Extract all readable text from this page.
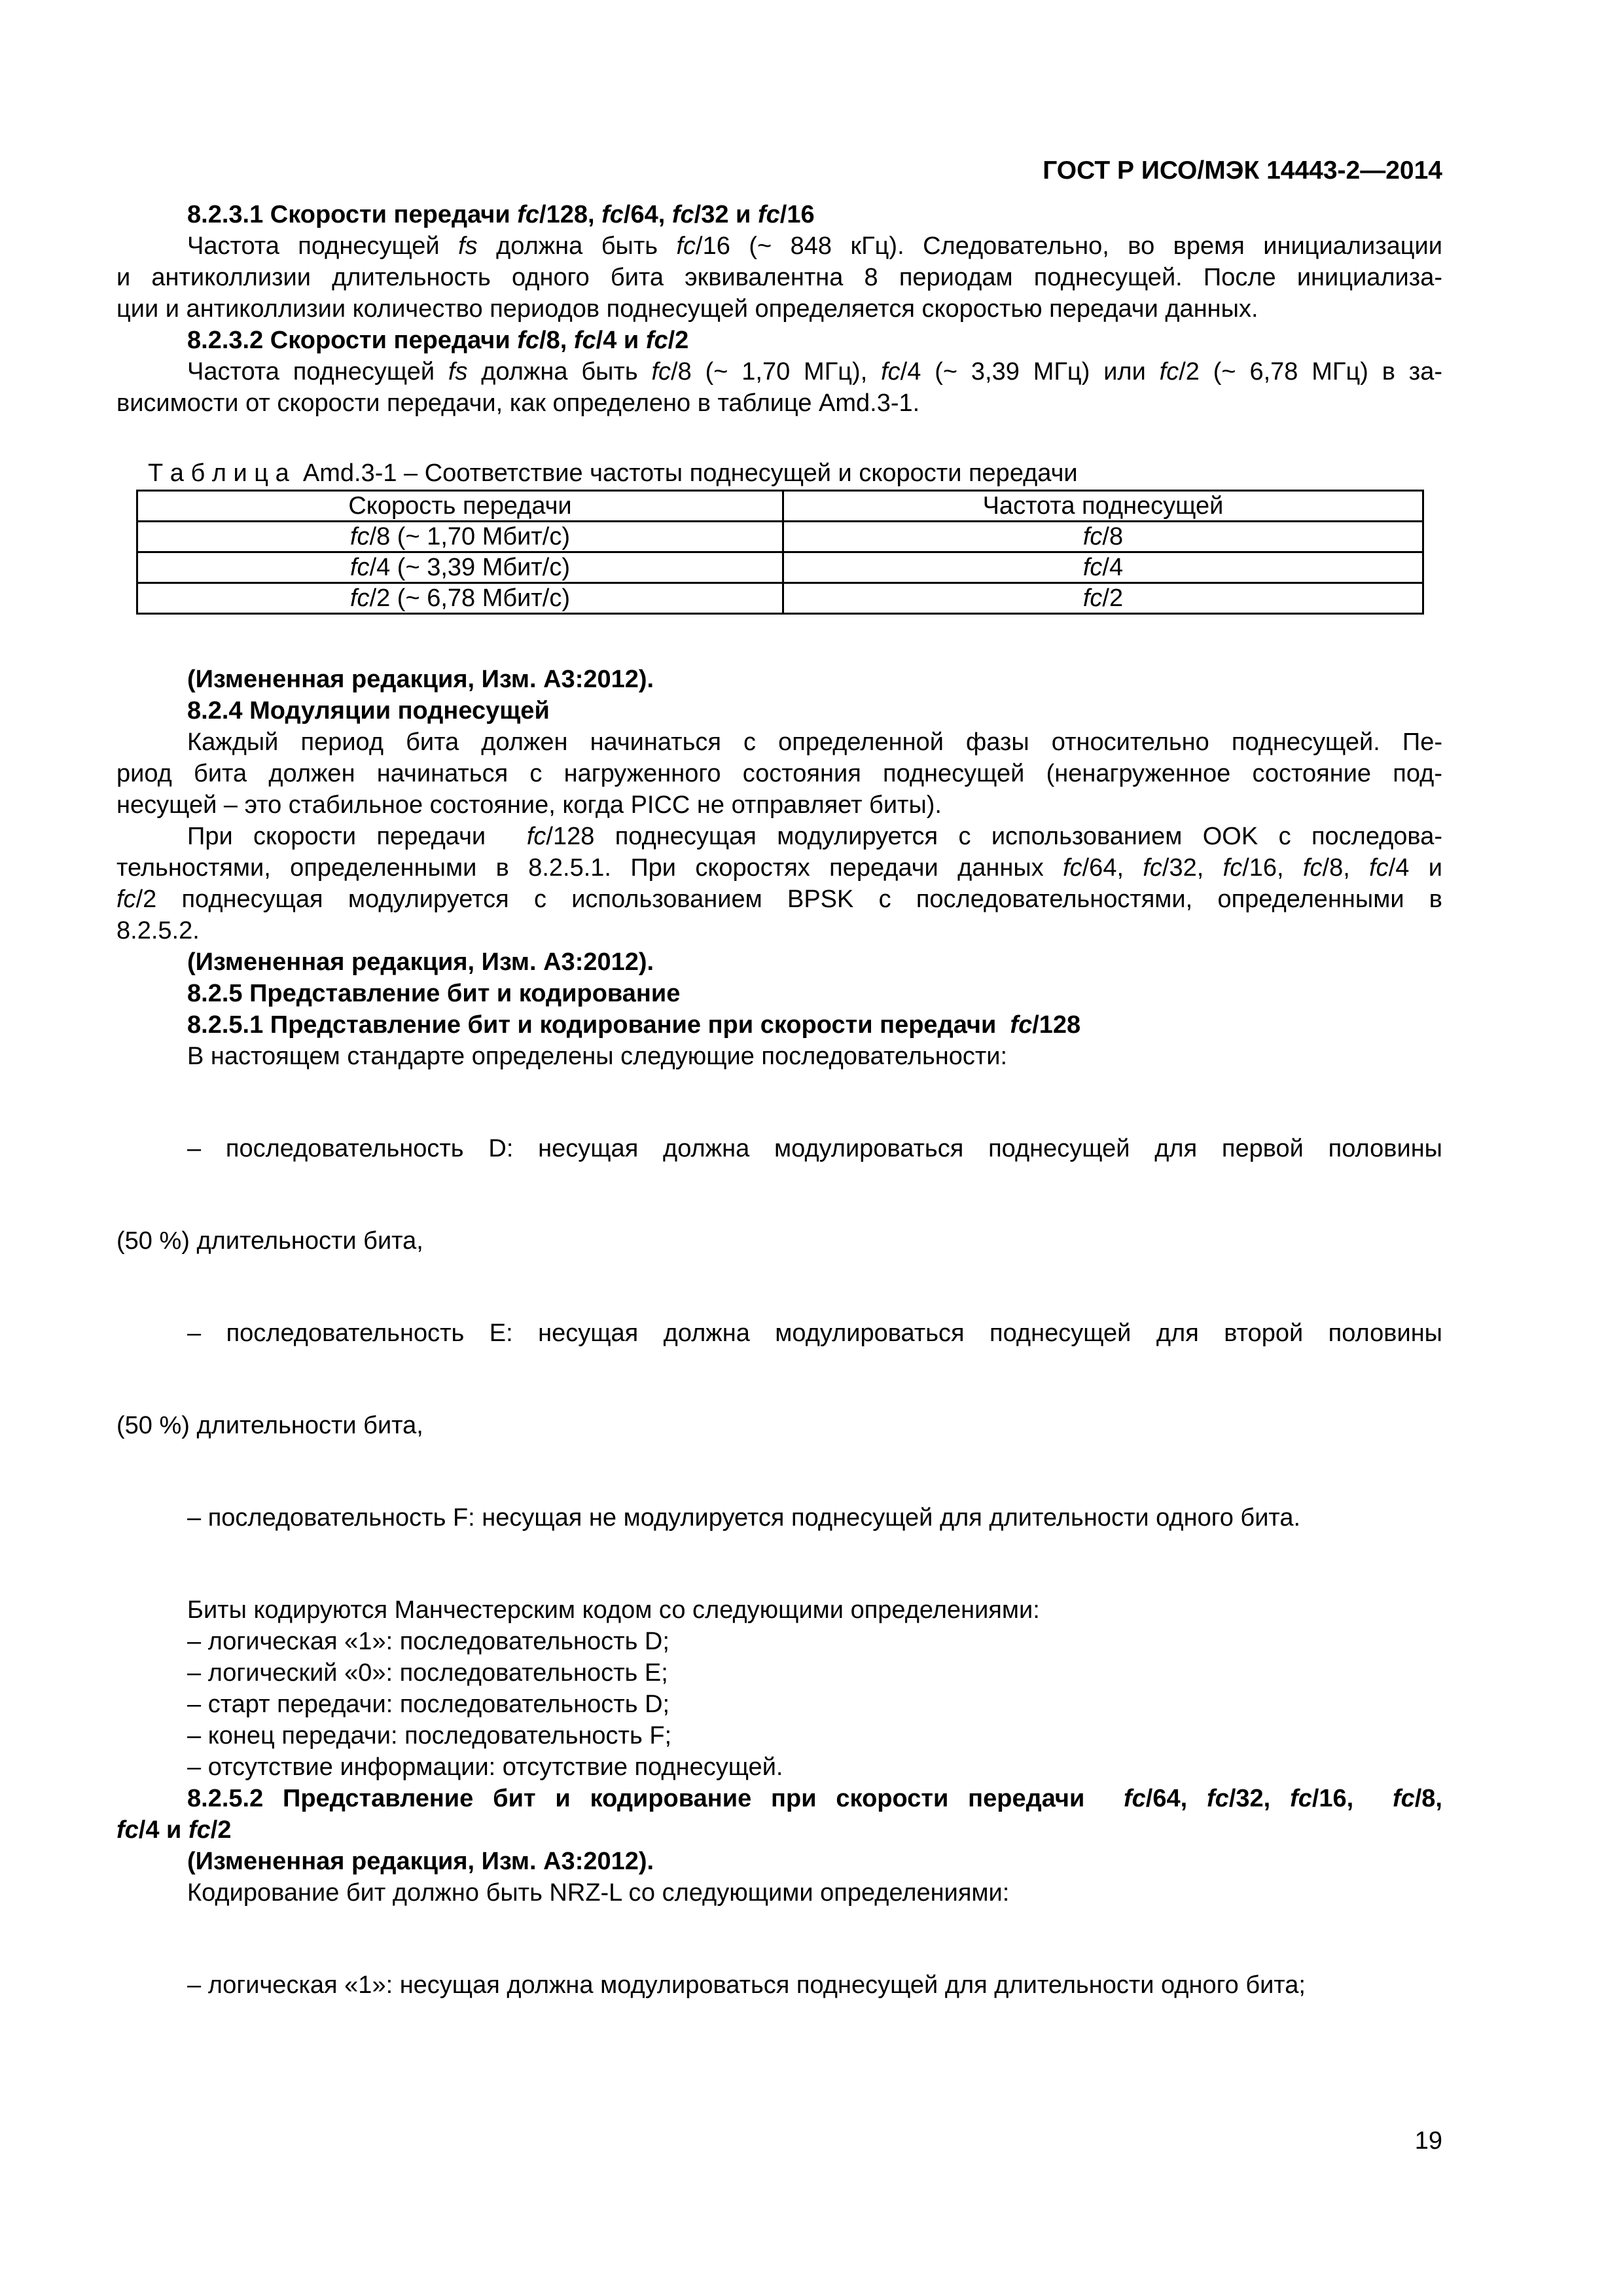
ГОСТ Р ИСО/МЭК 14443-2—2014
8.2.3.1 Скорости передачи fc/128, fc/64, fc/32 и fc/16
Частота поднесущей fs должна быть fc/16 (~ 848 кГц). Следовательно, во время инициализации
и антиколлизии длительность одного бита эквивалентна 8 периодам поднесущей. После инициализа-
ции и антиколлизии количество периодов поднесущей определяется скоростью передачи данных.
8.2.3.2 Скорости передачи fc/8, fc/4 и fc/2
Частота поднесущей fs должна быть fc/8 (~ 1,70 МГц), fc/4 (~ 3,39 МГц) или fc/2 (~ 6,78 МГц) в за-
висимости от скорости передачи, как определено в таблице Amd.3-1.
Т а б л и ц а  Amd.3-1 – Соответствие частоты поднесущей и скорости передачи
Скорость передачи	Частота поднесущей
fc/8 (~ 1,70 Мбит/с)	fc/8
fc/4 (~ 3,39 Мбит/с)	fc/4
fc/2 (~ 6,78 Мбит/с)	fc/2
(Измененная редакция, Изм. A3:2012).
8.2.4 Модуляции поднесущей
Каждый период бита должен начинаться с определенной фазы относительно поднесущей. Пе-
риод бита должен начинаться с нагруженного состояния поднесущей (ненагруженное состояние под-
несущей – это стабильное состояние, когда PICC не отправляет биты).
При скорости передачи  fc/128 поднесущая модулируется с использованием OOK с последова-
тельностями, определенными в 8.2.5.1. При скоростях передачи данных fc/64, fc/32, fc/16, fc/8, fc/4 и
fc/2 поднесущая модулируется с использованием BPSK с последовательностями, определенными в
8.2.5.2.
(Измененная редакция, Изм. A3:2012).
8.2.5 Представление бит и кодирование
8.2.5.1 Представление бит и кодирование при скорости передачи  fc/128
В настоящем стандарте определены следующие последовательности:
– последовательность D: несущая должна модулироваться поднесущей для первой половины
(50 %) длительности бита,
– последовательность E: несущая должна модулироваться поднесущей для второй половины
(50 %) длительности бита,
– последовательность F: несущая не модулируется поднесущей для длительности одного бита.
Биты кодируются Манчестерским кодом со следующими определениями:
– логическая «1»: последовательность D;
– логический «0»: последовательность E;
– старт передачи: последовательность D;
– конец передачи: последовательность F;
– отсутствие информации: отсутствие поднесущей.
8.2.5.2 Представление бит и кодирование при скорости передачи  fc/64, fc/32, fc/16,  fc/8,
fc/4 и fc/2
(Измененная редакция, Изм. A3:2012).
Кодирование бит должно быть NRZ-L со следующими определениями:
– логическая «1»: несущая должна модулироваться поднесущей для длительности одного бита;
19
